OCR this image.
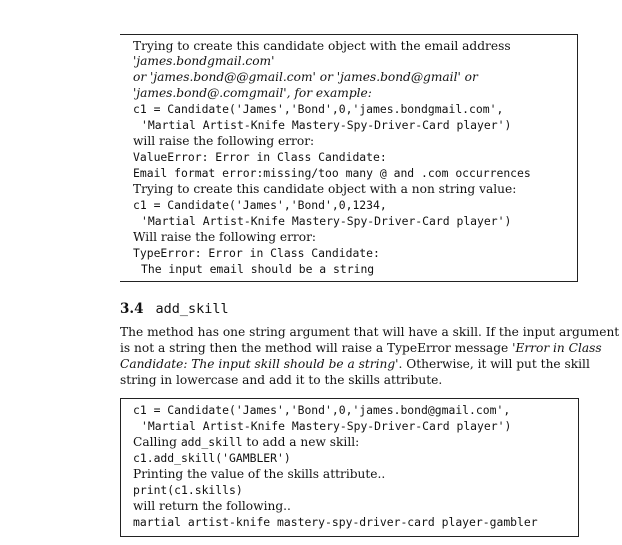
Trying to create this candidate object with the email address
'james.bondgmail.com'
or 'james.bond@@gmail.com' or 'james.bond@gmail' or
'james.bond@.comgmail', for example:
c1 = Candidate('James','Bond',0,'james.bondgmail.com',
'Martial Artist-Knife Mastery-Spy-Driver-Card player')
will raise the following error:
ValueError: Error in Class Candidate:
Email format error:missing/too many @ and .com occurrences
Trying to create this candidate object with a non string value:
c1 = Candidate('James','Bond',0,1234,
'Martial Artist-Knife Mastery-Spy-Driver-Card player')
Will raise the following error:
TypeError: Error in Class Candidate:
The input email should be a string
3.4 add_skill
The method has one string argument that will have a skill. If the input argument
is not a string then the method will raise a TypeError message 'Error in Class
Candidate: The input skill should be a string'. Otherwise, it will put the skill
string in lowercase and add it to the skills attribute.
c1 = Candidate('James','Bond',0,'james.bond@gmail.com',
'Martial Artist-Knife Mastery-Spy-Driver-Card player')
Calling add_skill to add a new skill:
c1.add_skill('GAMBLER')
Printing the value of the skills attribute..
print(c1.skills)
will return the following..
martial artist-knife mastery-spy-driver-card player-gambler
